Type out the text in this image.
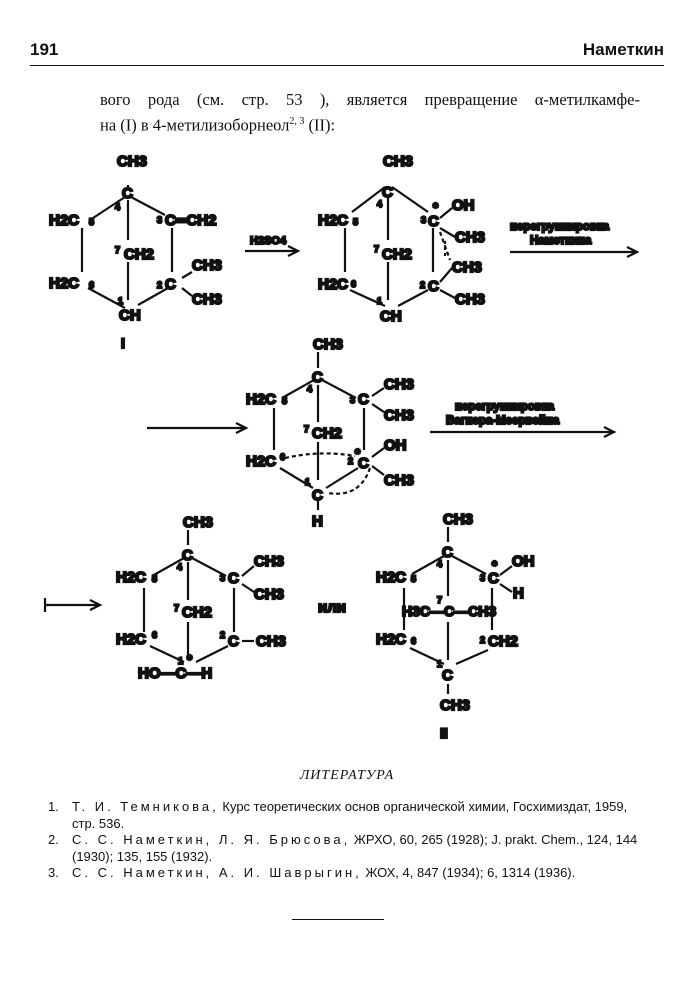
191	Наметкин
вого рода (см. стр. 53 ), является превращение α-метилкамфе-
на (I) в 4-метилизоборнеол$^{2, 3}$ (II):
CH3
C
4
H2C 5	3 C═CH2
7 CH2
CH3
2 C
H2C 6
CH3
1
CH
I
H2SO4
CH3
C
4
H2C 5	3 C
* OH
CH3
7 CH2
CH3
H2C 6	2 C
CH3
1
CH
перегруппировка
Наметкина
CH3
C
4
H2C 5	3 C
CH3
CH3
7 CH2
OH
H2C 6	2 *
C
CH3
1
C
H
перегруппировка
Вагнера-Меервейна
CH3
C
4
H2C 5	3 C
CH3
CH3
7 CH2
H2C 6	2 C CH3
1 *
HO—C—H
или
CH3
C
4
H2C 5	3
*
C
OH
H
7
H3C—C—CH3
H2C 6	2 CH2
1
C
CH3
II
ЛИТЕРАТУРА
1. Т. И. Темникова, Курс теоретических основ органической химии, Госхимиздат, 1959, стр. 536.
2. С. С. Наметкин, Л. Я. Брюсова, ЖРХО, 60, 265 (1928); J. prakt. Chem., 124, 144 (1930); 135, 155 (1932).
3. С. С. Наметкин, А. И. Шаврыгин, ЖОХ, 4, 847 (1934); 6, 1314 (1936).
